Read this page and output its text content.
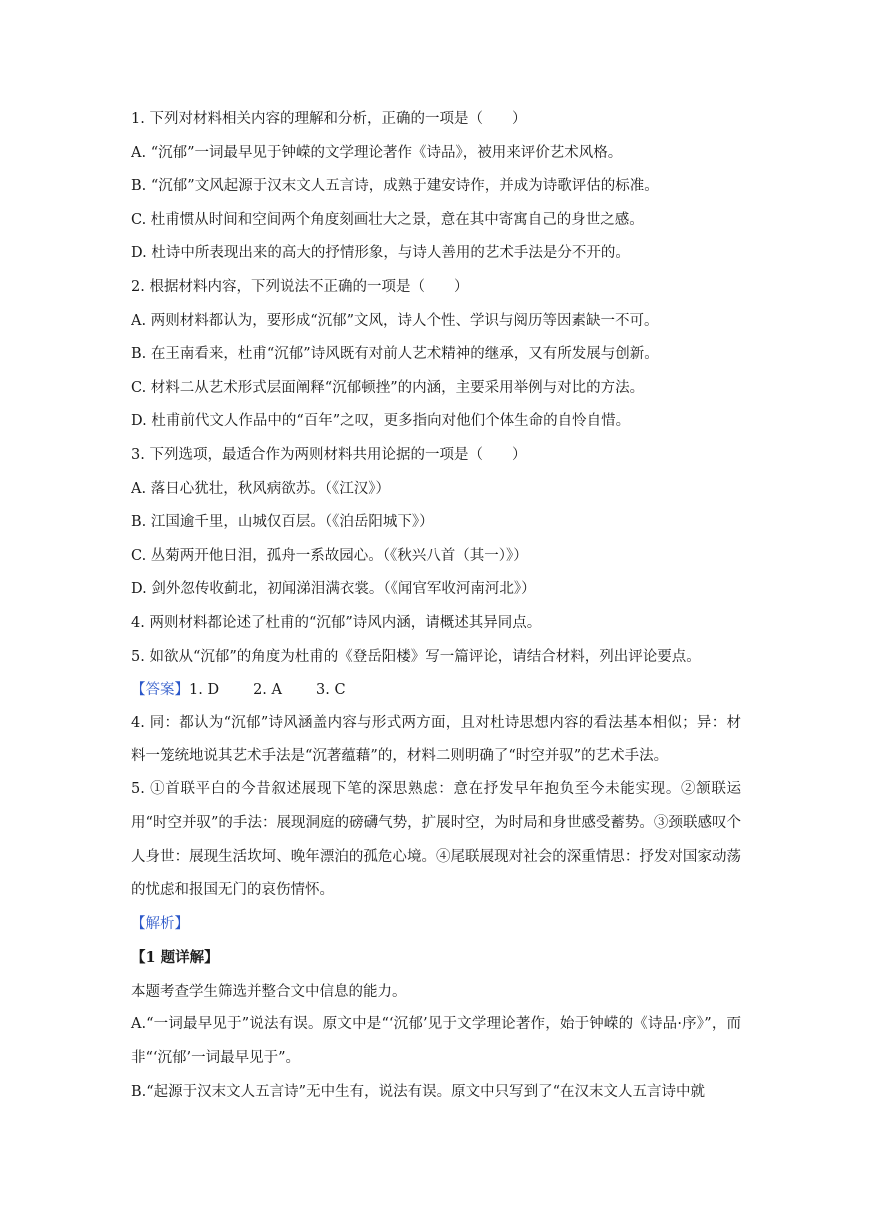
1. 下列对材料相关内容的理解和分析，正确的一项是（　　）
A. “沉郁”一词最早见于钟嵘的文学理论著作《诗品》，被用来评价艺术风格。
B. “沉郁”文风起源于汉末文人五言诗，成熟于建安诗作，并成为诗歌评估的标准。
C. 杜甫惯从时间和空间两个角度刻画壮大之景，意在其中寄寓自己的身世之感。
D. 杜诗中所表现出来的高大的抒情形象，与诗人善用的艺术手法是分不开的。
2. 根据材料内容，下列说法不正确的一项是（　　）
A. 两则材料都认为，要形成“沉郁”文风，诗人个性、学识与阅历等因素缺一不可。
B. 在王南看来，杜甫“沉郁”诗风既有对前人艺术精神的继承，又有所发展与创新。
C. 材料二从艺术形式层面阐释“沉郁顿挫”的内涵，主要采用举例与对比的方法。
D. 杜甫前代文人作品中的“百年”之叹，更多指向对他们个体生命的自怜自惜。
3. 下列选项，最适合作为两则材料共用论据的一项是（　　）
A. 落日心犹壮，秋风病欲苏。（《江汉》）
B. 江国逾千里，山城仅百层。（《泊岳阳城下》）
C. 丛菊两开他日泪，孤舟一系故园心。（《秋兴八首（其一）》）
D. 剑外忽传收蓟北，初闻涕泪满衣裳。（《闻官军收河南河北》）
4. 两则材料都论述了杜甫的“沉郁”诗风内涵，请概述其异同点。
5. 如欲从“沉郁”的角度为杜甫的《登岳阳楼》写一篇评论，请结合材料，列出评论要点。
【答案】1. D 2. A 3. C

4. 同：都认为“沉郁”诗风涵盖内容与形式两方面，且对杜诗思想内容的看法基本相似；异：材料一笼统地说其艺术手法是“沉著蕴藉”的，材料二则明确了“时空并驭”的艺术手法。

5. ①首联平白的今昔叙述展现下笔的深思熟虑：意在抒发早年抱负至今未能实现。②颔联运用“时空并驭”的手法：展现洞庭的磅礴气势，扩展时空，为时局和身世感受蓄势。③颈联感叹个人身世：展现生活坎坷、晚年漂泊的孤危心境。④尾联展现对社会的深重情思：抒发对国家动荡的忧虑和报国无门的哀伤情怀。

【解析】
【1 题详解】
本题考查学生筛选并整合文中信息的能力。

A.“一词最早见于”说法有误。原文中是“‘沉郁’见于文学理论著作，始于钟嵘的《诗品·序》”，而非“‘沉郁’一词最早见于”。

B.“起源于汉末文人五言诗”无中生有，说法有误。原文中只写到了“在汉末文人五言诗中就
